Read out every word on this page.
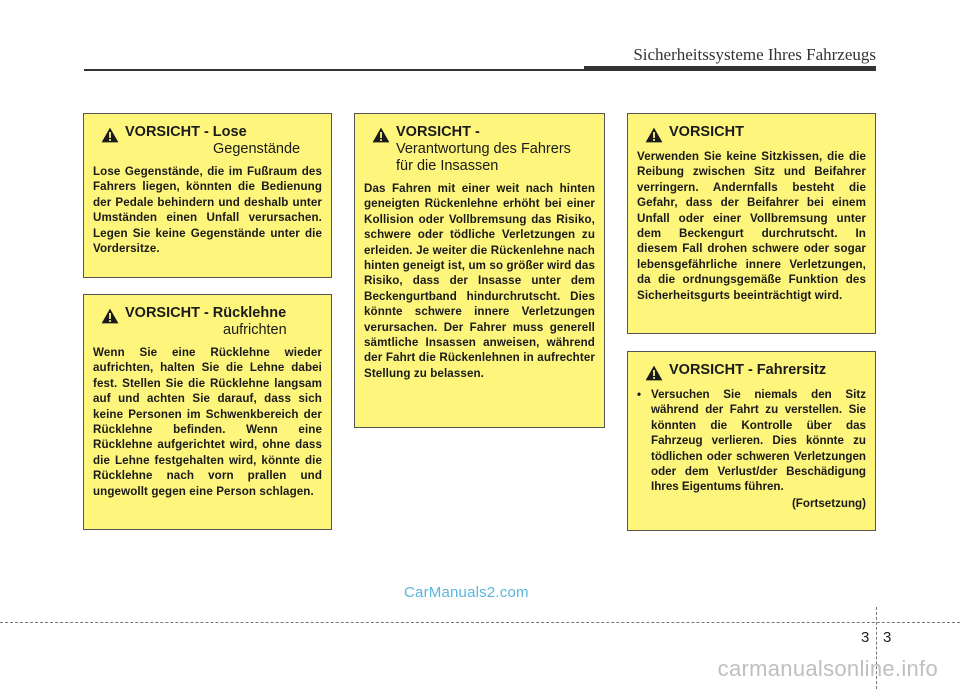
Sicherheitssysteme Ihres Fahrzeugs
VORSICHT - Lose
Gegenstände
Lose Gegenstände, die im Fußraum des Fahrers liegen, könnten die Bedienung der Pedale behindern und deshalb unter Umständen einen Unfall verursachen. Legen Sie keine Gegenstände unter die Vordersitze.
VORSICHT - Rücklehne
aufrichten
Wenn Sie eine Rücklehne wieder aufrichten, halten Sie die Lehne dabei fest. Stellen Sie die Rücklehne langsam auf und achten Sie darauf, dass sich keine Personen im Schwenkbereich der Rücklehne befinden. Wenn eine Rücklehne aufgerichtet wird, ohne dass die Lehne festgehalten wird, könnte die Rücklehne nach vorn prallen und ungewollt gegen eine Person schlagen.
VORSICHT -
Verantwortung des Fahrers für die Insassen
Das Fahren mit einer weit nach hinten geneigten Rückenlehne erhöht bei einer Kollision oder Vollbremsung das Risiko, schwere oder tödliche Verletzungen zu erleiden. Je weiter die Rückenlehne nach hinten geneigt ist, um so größer wird das Risiko, dass der Insasse unter dem Beckengurtband hindurchrutscht. Dies könnte schwere innere Verletzungen verursachen. Der Fahrer muss generell sämtliche Insassen anweisen, während der Fahrt die Rückenlehnen in aufrechter Stellung zu belassen.
VORSICHT
Verwenden Sie keine Sitzkissen, die die Reibung zwischen Sitz und Beifahrer verringern. Andernfalls besteht die Gefahr, dass der Beifahrer bei einem Unfall oder einer Vollbremsung unter dem Beckengurt durchrutscht. In diesem Fall drohen schwere oder sogar lebensgefährliche innere Verletzungen, da die ordnungsgemäße Funktion des Sicherheitsgurts beeinträchtigt wird.
VORSICHT - Fahrersitz
• Versuchen Sie niemals den Sitz während der Fahrt zu verstellen. Sie könnten die Kontrolle über das Fahrzeug verlieren. Dies könnte zu tödlichen oder schweren Verletzungen oder dem Verlust/der Beschädigung Ihres Eigentums führen.
(Fortsetzung)
CarManuals2.com
3 3
carmanualsonline.info
